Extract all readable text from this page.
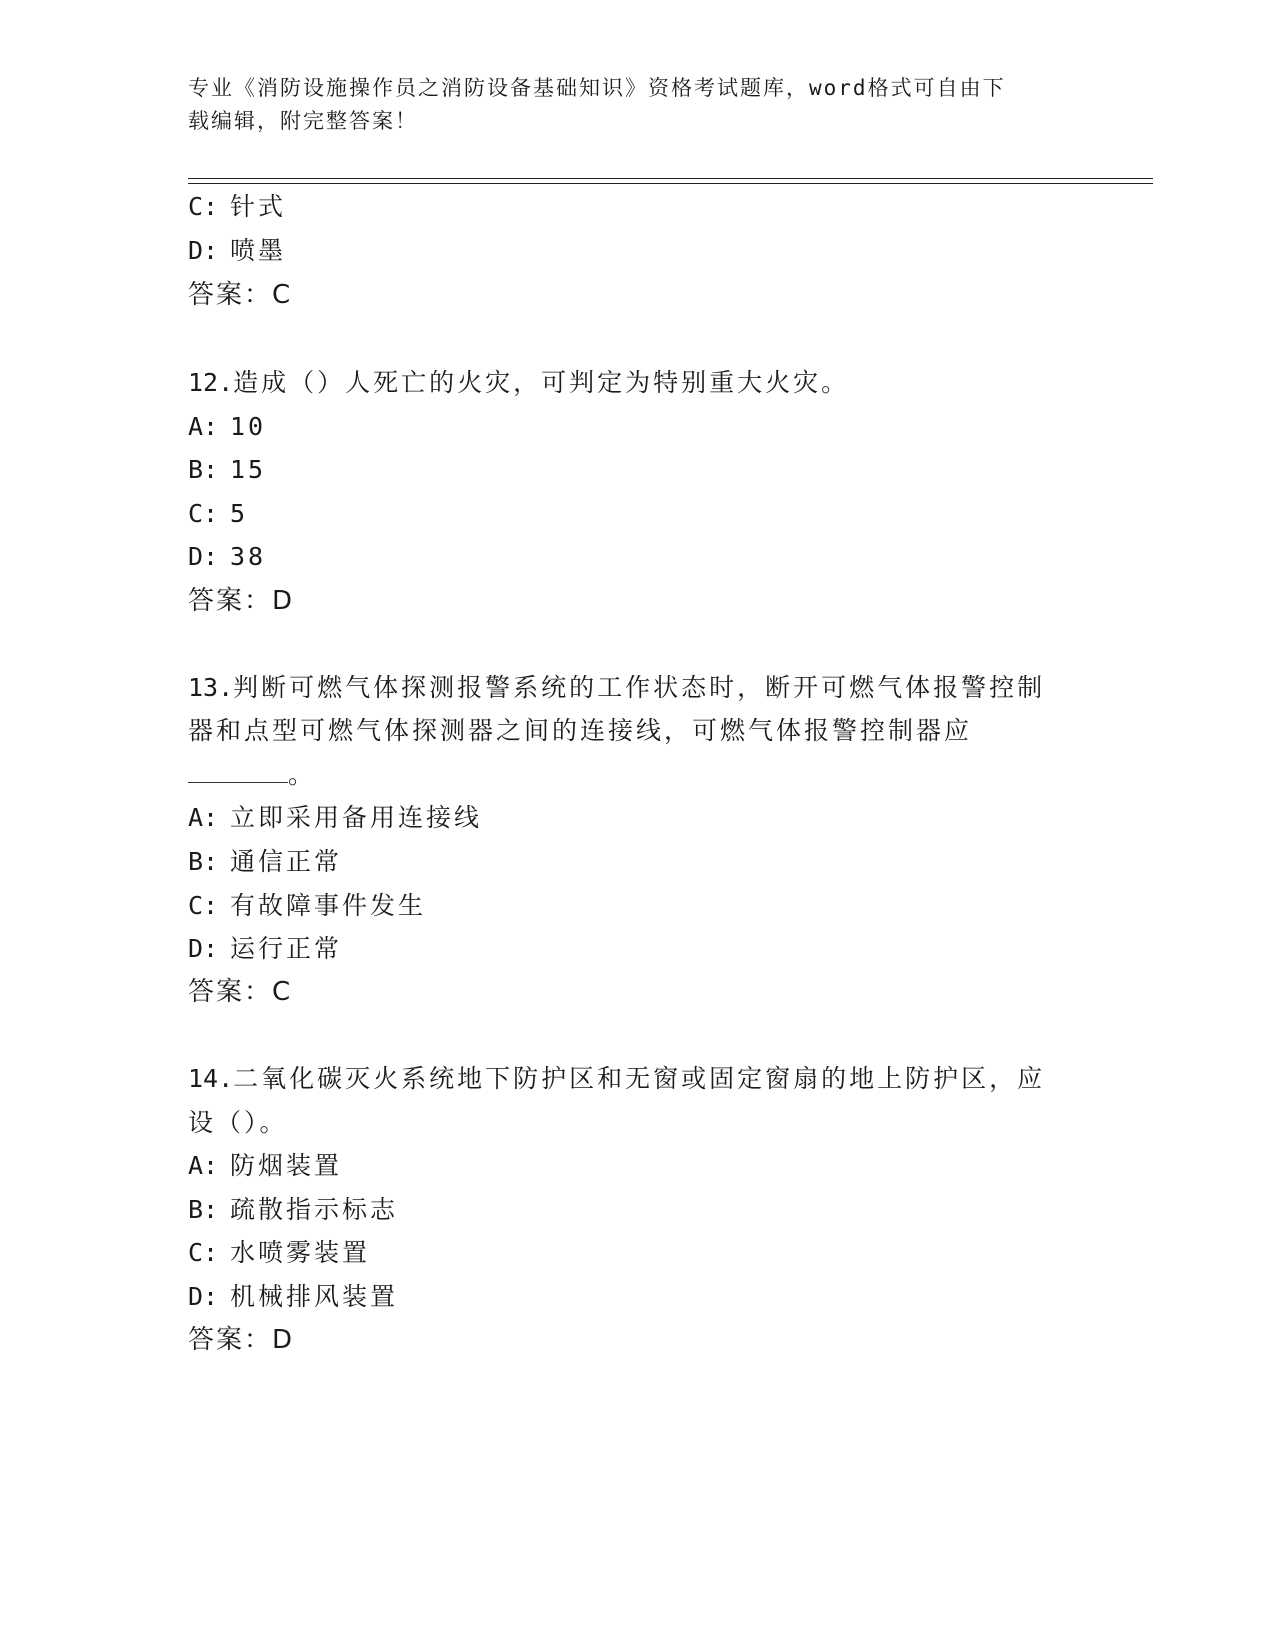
专业《消防设施操作员之消防设备基础知识》资格考试题库，word格式可自由下
载编辑，附完整答案！
C: 针式
D: 喷墨
答案：C
12.造成（）人死亡的火灾，可判定为特别重大火灾。
A: 10
B: 15
C: 5
D: 38
答案：D
13.判断可燃气体探测报警系统的工作状态时，断开可燃气体报警控制
器和点型可燃气体探测器之间的连接线，可燃气体报警控制器应
。
A: 立即采用备用连接线
B: 通信正常
C: 有故障事件发生
D: 运行正常
答案：C
14.二氧化碳灭火系统地下防护区和无窗或固定窗扇的地上防护区，应
设（）。
A: 防烟装置
B: 疏散指示标志
C: 水喷雾装置
D: 机械排风装置
答案：D
